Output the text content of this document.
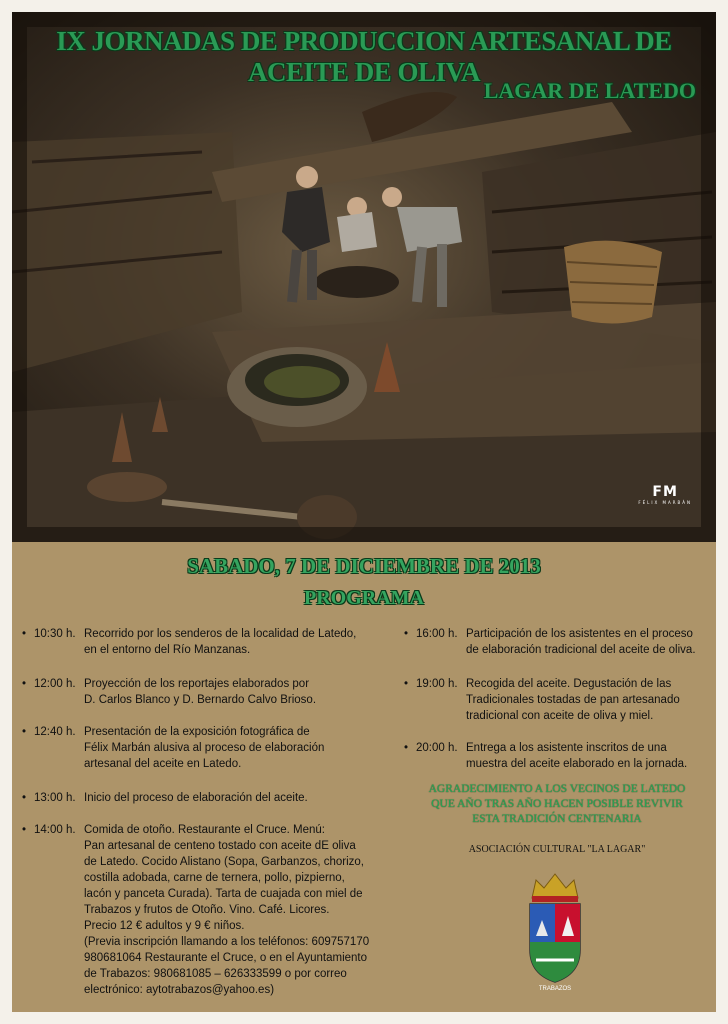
IX JORNADAS DE PRODUCCION ARTESANAL DE ACEITE DE OLIVA
LAGAR DE LATEDO
FM
FÉLIX MARBÁN
SABADO, 7 DE DICIEMBRE DE 2013
PROGRAMA
• 10:30 h. Recorrido por los senderos de la localidad de Latedo,
en el entorno del Río Manzanas.
• 12:00 h. Proyección de los reportajes elaborados por
D. Carlos Blanco y D. Bernardo Calvo Brioso.
• 12:40 h. Presentación de la exposición fotográfica de
Félix Marbán alusiva al proceso de elaboración
artesanal del aceite en Latedo.
• 13:00 h. Inicio del proceso de elaboración del aceite.
• 14:00 h. Comida de otoño. Restaurante el Cruce. Menú:
Pan artesanal de centeno tostado con aceite dE oliva
de Latedo. Cocido Alistano (Sopa, Garbanzos, chorizo,
costilla adobada, carne de ternera, pollo, pizpierno,
lacón y panceta Curada). Tarta de cuajada con miel de
Trabazos y frutos de Otoño. Vino. Café. Licores.
Precio 12 € adultos y 9 € niños.
(Previa inscripción llamando a los teléfonos: 609757170
980681064 Restaurante el Cruce, o en el Ayuntamiento
de Trabazos: 980681085 – 626333599 o por correo
electrónico: aytotrabazos@yahoo.es)
• 16:00 h. Participación de los asistentes en el proceso
de elaboración tradicional del aceite de oliva.
• 19:00 h. Recogida del aceite. Degustación de las
Tradicionales tostadas de pan artesanado
tradicional con aceite de oliva y miel.
• 20:00 h. Entrega a los asistente inscritos de una
muestra del aceite elaborado en la jornada.
AGRADECIMIENTO A LOS VECINOS DE LATEDO
QUE AÑO TRAS AÑO HACEN POSIBLE REVIVIR
ESTA TRADICIÓN CENTENARIA
ASOCIACIÓN CULTURAL "LA LAGAR"
TRABAZOS
